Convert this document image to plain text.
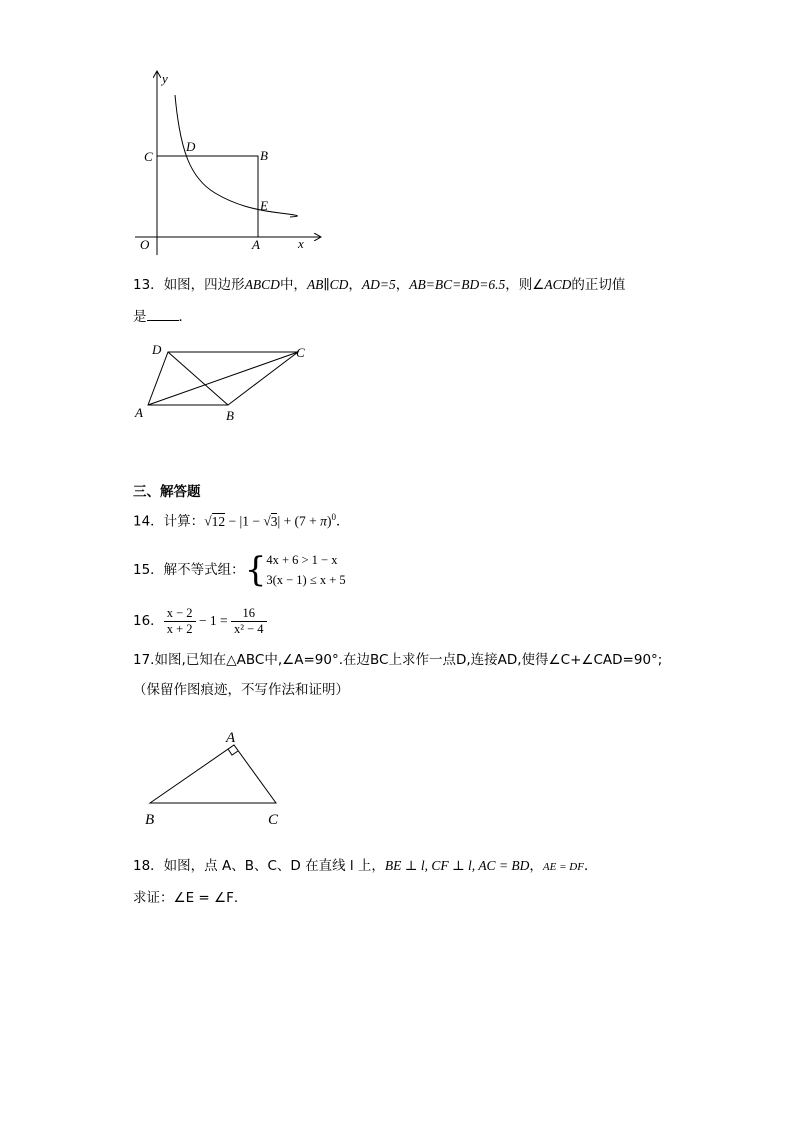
y
x
O
C
D
B
E
A
13．如图，四边形ABCD中，AB∥CD，AD=5，AB=BC=BD=6.5，则∠ACD的正切值
是 ．
D	C
A	B
三、解答题
14．计算：$√12 - |1 - √3| + (7 + \pi)^0$．
15．解不等式组：{ 4x + 6 > 1 − x
3(x − 1) ≤ x + 5
16． $\frac{x - 2}{x + 2} - 1 = \frac{16}{\text{x² − 4}}$
17.如图,已知在△ABC中,∠A=90°.在边BC上求作一点D,连接AD,使得∠C+∠CAD=90°;
（保留作图痕迹，不写作法和证明）
A
B	C
18．如图，点 A、B、C、D 在直线 l 上，BE ⊥ l, CF ⊥ l, AC = BD，AE = DF．
求证：∠E = ∠F．
